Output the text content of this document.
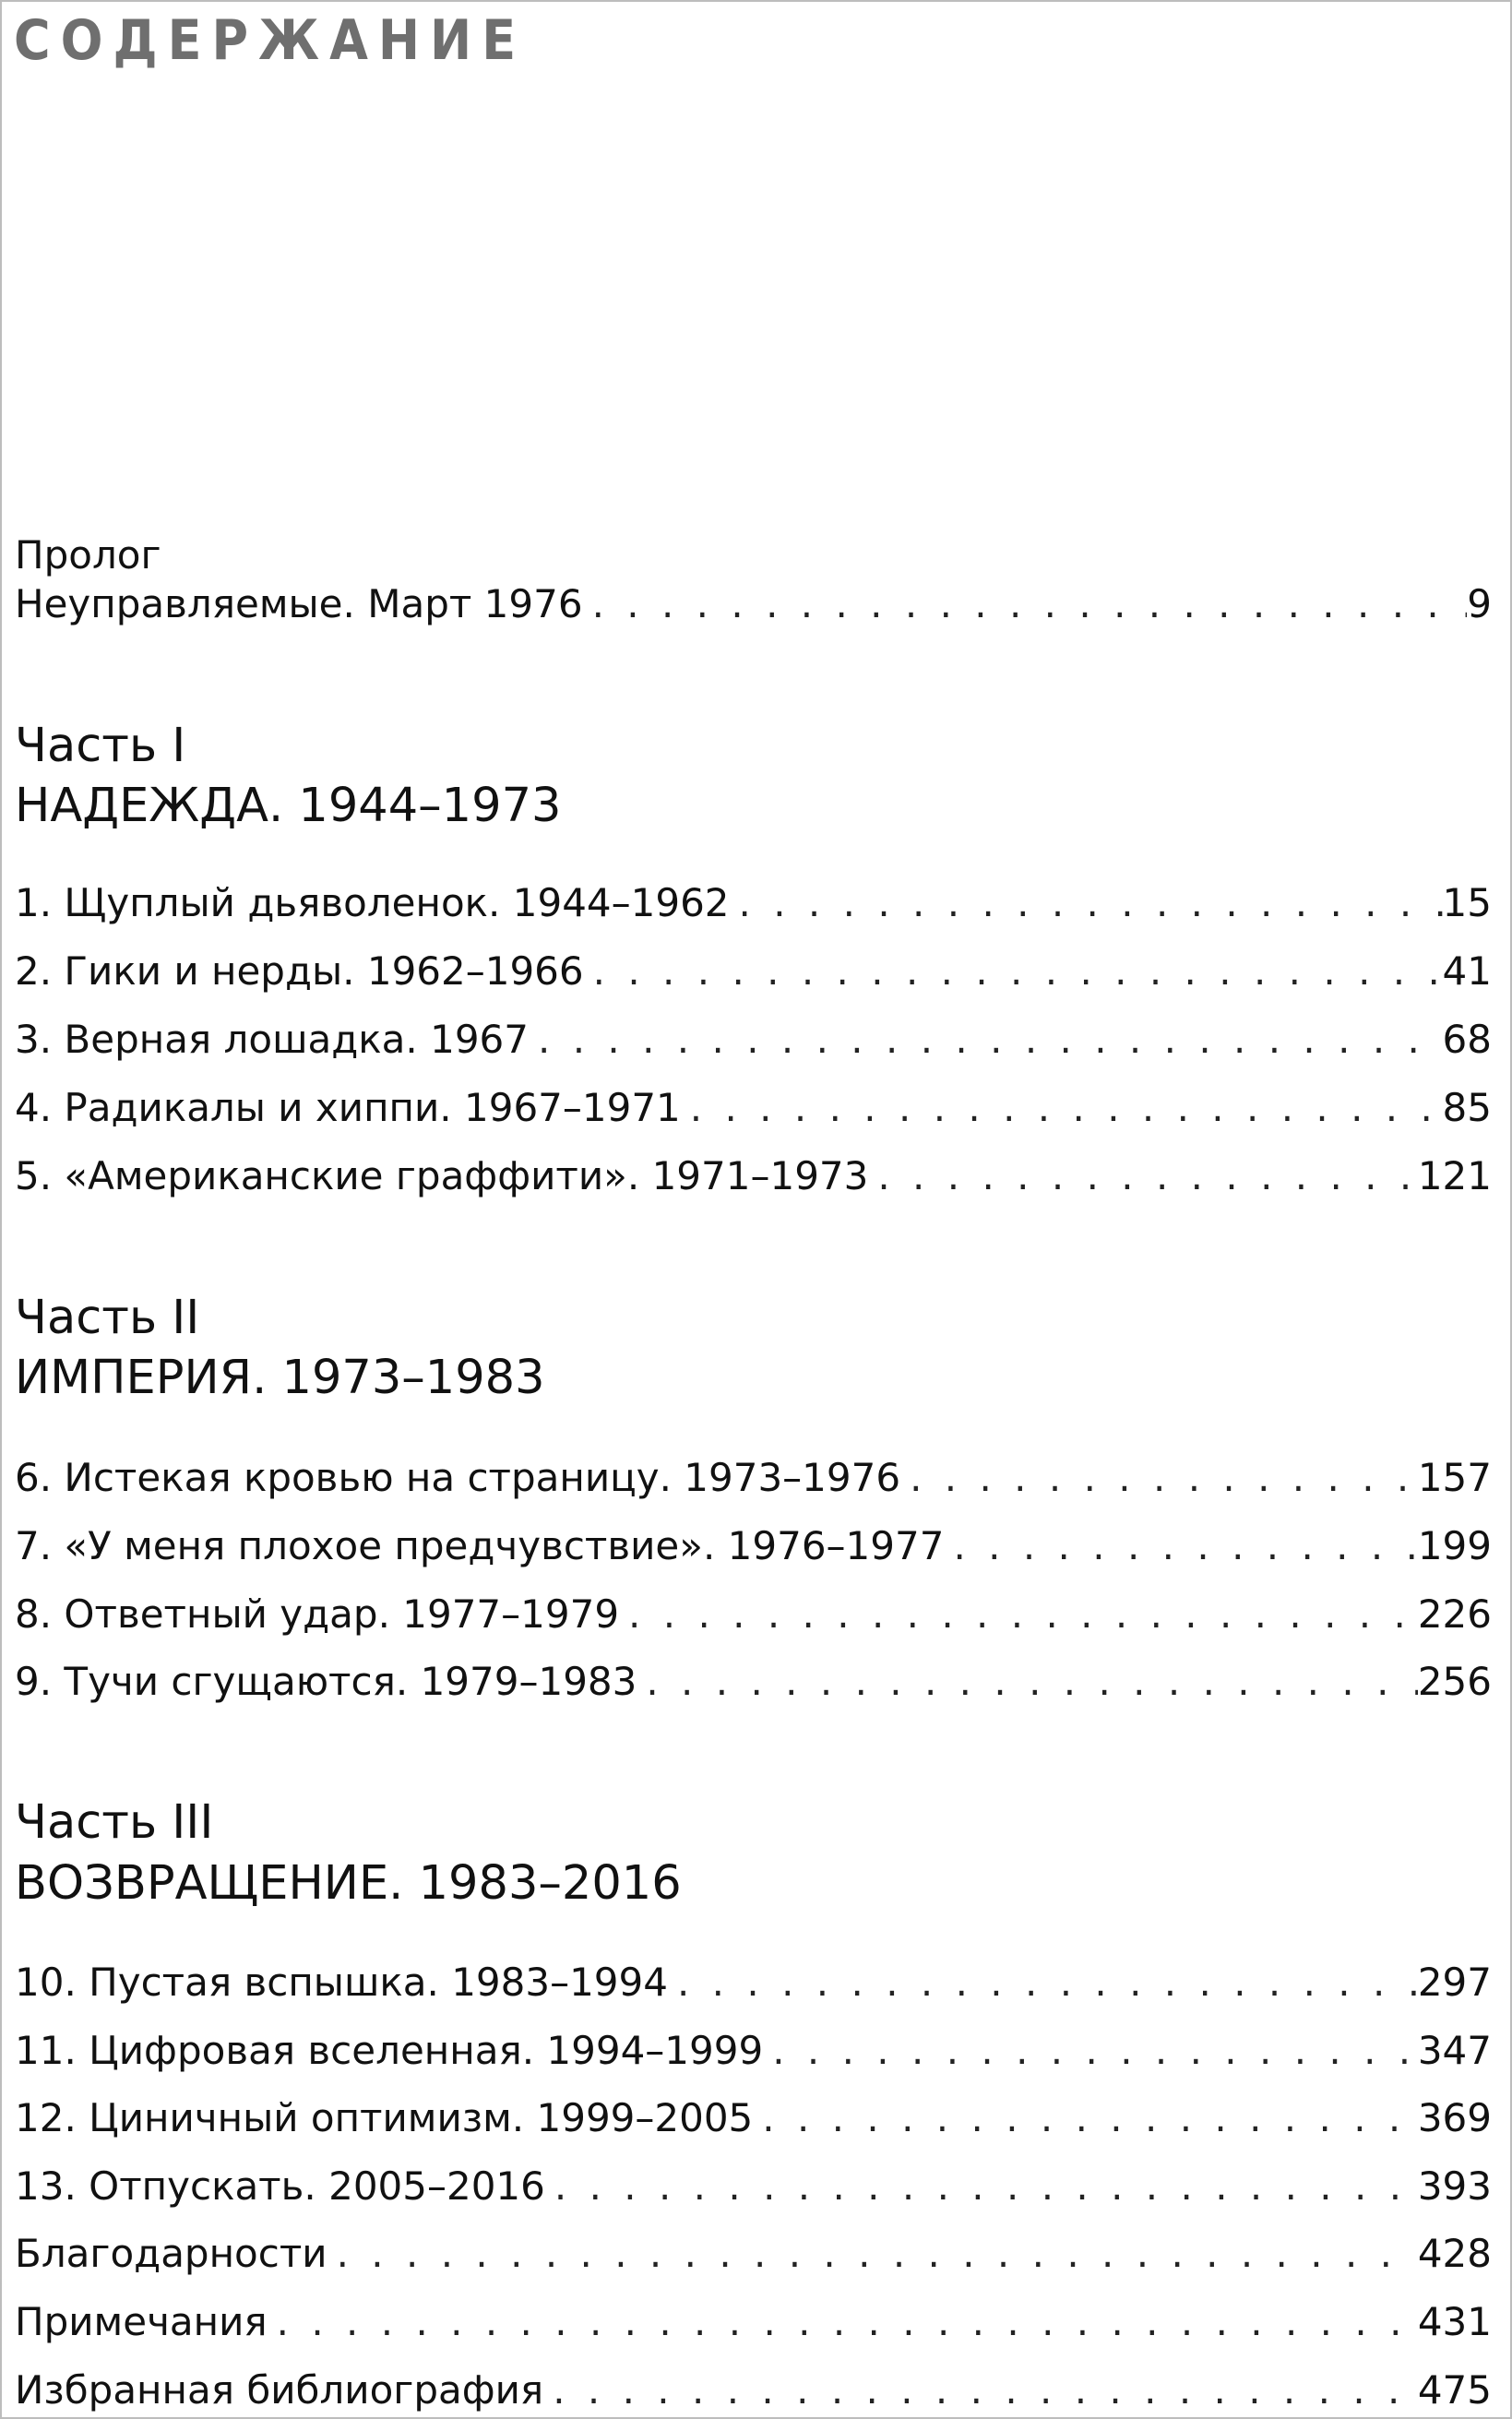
СОДЕРЖАНИЕ
Пролог
Неуправляемые. Март 1976 . . .	9
Часть I
НАДЕЖДА. 1944–1973
1. Щуплый дьяволенок. 1944–1962 . . .	15
2. Гики и нерды. 1962–1966 . . .	41
3. Верная лошадка. 1967 . . .	68
4. Радикалы и хиппи. 1967–1971 . . .	85
5. «Американские граффити». 1971–1973 . . .	121
Часть II
ИМПЕРИЯ. 1973–1983
6. Истекая кровью на страницу. 1973–1976 . . .	157
7. «У меня плохое предчувствие». 1976–1977 . . .	199
8. Ответный удар. 1977–1979 . . .	226
9. Тучи сгущаются. 1979–1983 . . .	256
Часть III
ВОЗВРАЩЕНИЕ. 1983–2016
10. Пустая вспышка. 1983–1994 . . .	297
11. Цифровая вселенная. 1994–1999 . . .	347
12. Циничный оптимизм. 1999–2005 . . .	369
13. Отпускать. 2005–2016 . . .	393
Благодарности . . .	428
Примечания . . .	431
Избранная библиография . . .	475
